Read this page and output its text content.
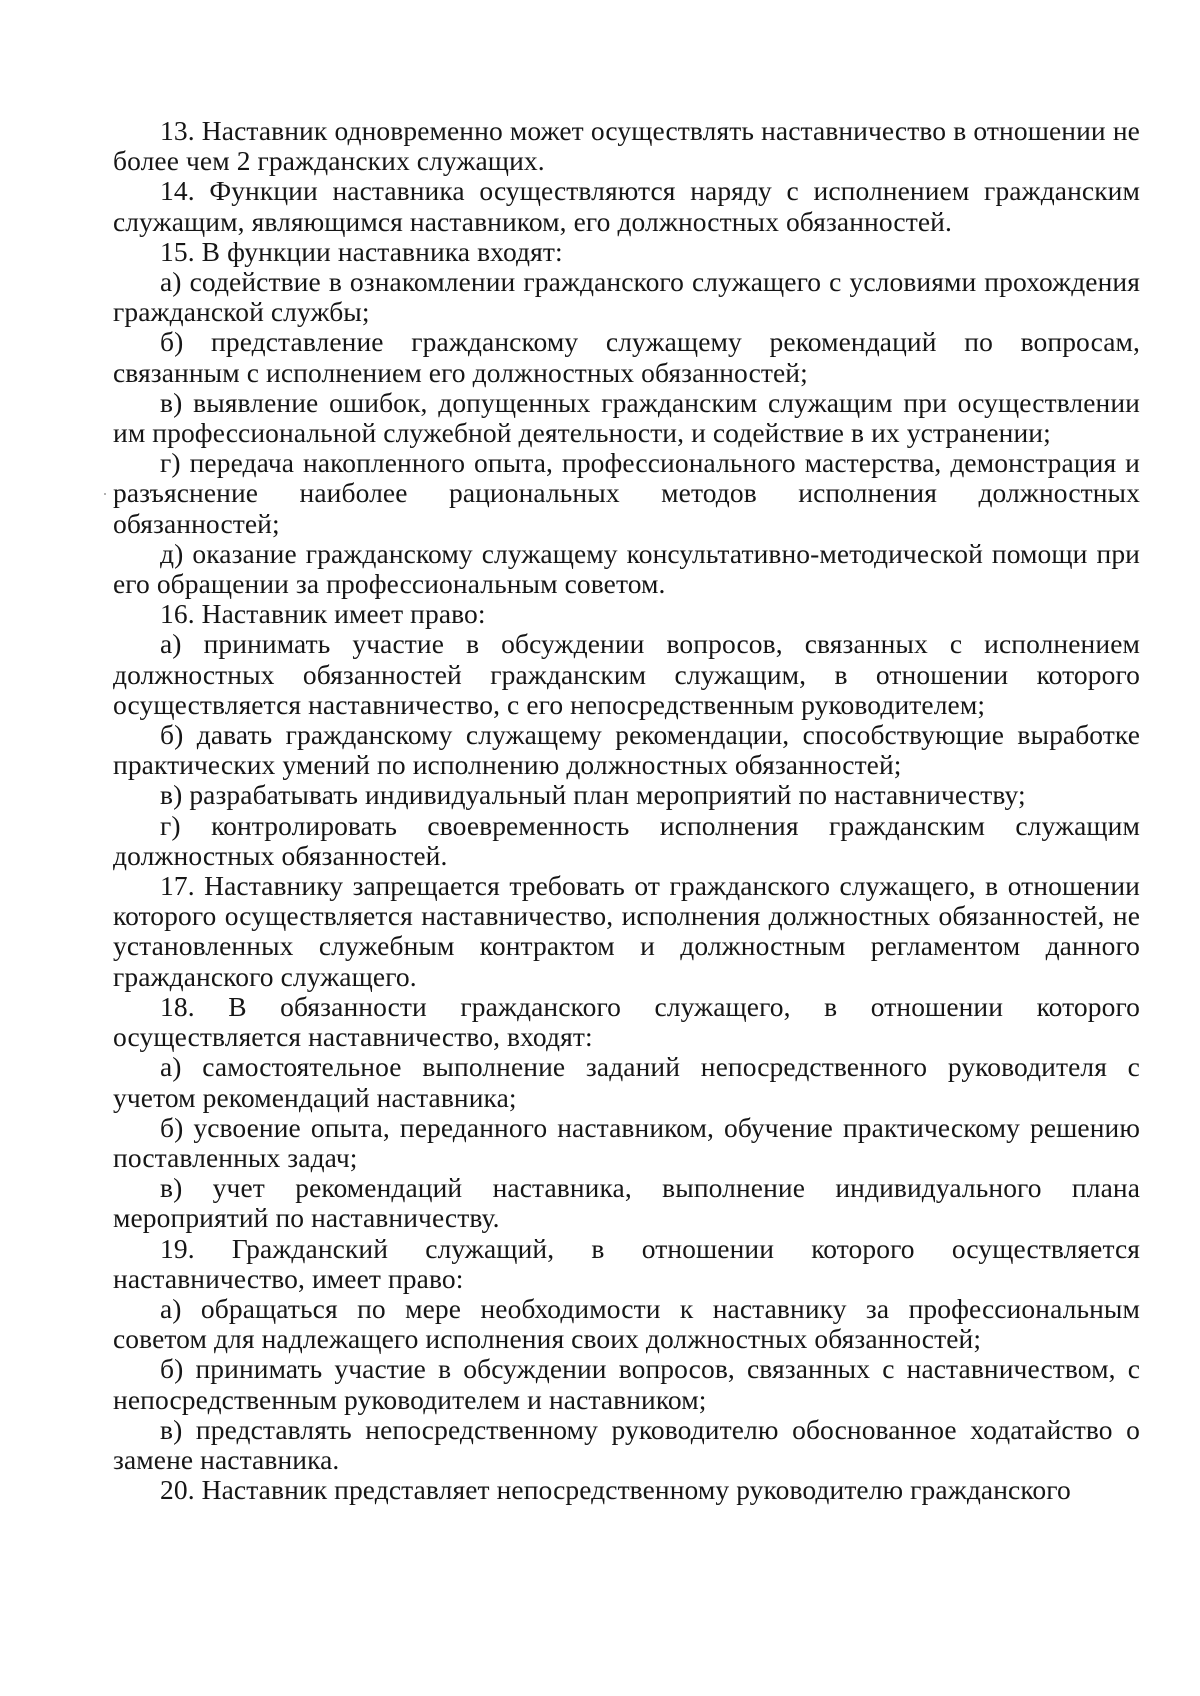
13. Наставник одновременно может осуществлять наставничество в отношении не более чем 2 гражданских служащих.

14. Функции наставника осуществляются наряду с исполнением гражданским служащим, являющимся наставником, его должностных обязанностей.

15. В функции наставника входят:

а) содействие в ознакомлении гражданского служащего с условиями прохождения гражданской службы;

б) представление гражданскому служащему рекомендаций по вопросам, связанным с исполнением его должностных обязанностей;

в) выявление ошибок, допущенных гражданским служащим при осуществлении им профессиональной служебной деятельности, и содействие в их устранении;

г) передача накопленного опыта, профессионального мастерства, демонстрация и разъяснение наиболее рациональных методов исполнения должностных обязанностей;

д) оказание гражданскому служащему консультативно-методической помощи при его обращении за профессиональным советом.

16. Наставник имеет право:

а) принимать участие в обсуждении вопросов, связанных с исполнением должностных обязанностей гражданским служащим, в отношении которого осуществляется наставничество, с его непосредственным руководителем;

б) давать гражданскому служащему рекомендации, способствующие выработке практических умений по исполнению должностных обязанностей;

в) разрабатывать индивидуальный план мероприятий по наставничеству;

г) контролировать своевременность исполнения гражданским служащим должностных обязанностей.

17. Наставнику запрещается требовать от гражданского служащего, в отношении которого осуществляется наставничество, исполнения должностных обязанностей, не установленных служебным контрактом и должностным регламентом данного гражданского служащего.

18. В обязанности гражданского служащего, в отношении которого осуществляется наставничество, входят:

а) самостоятельное выполнение заданий непосредственного руководителя с учетом рекомендаций наставника;

б) усвоение опыта, переданного наставником, обучение практическому решению поставленных задач;

в) учет рекомендаций наставника, выполнение индивидуального плана мероприятий по наставничеству.

19. Гражданский служащий, в отношении которого осуществляется наставничество, имеет право:

а) обращаться по мере необходимости к наставнику за профессиональным советом для надлежащего исполнения своих должностных обязанностей;

б) принимать участие в обсуждении вопросов, связанных с наставничеством, с непосредственным руководителем и наставником;

в) представлять непосредственному руководителю обоснованное ходатайство о замене наставника.

20. Наставник представляет непосредственному руководителю гражданского
